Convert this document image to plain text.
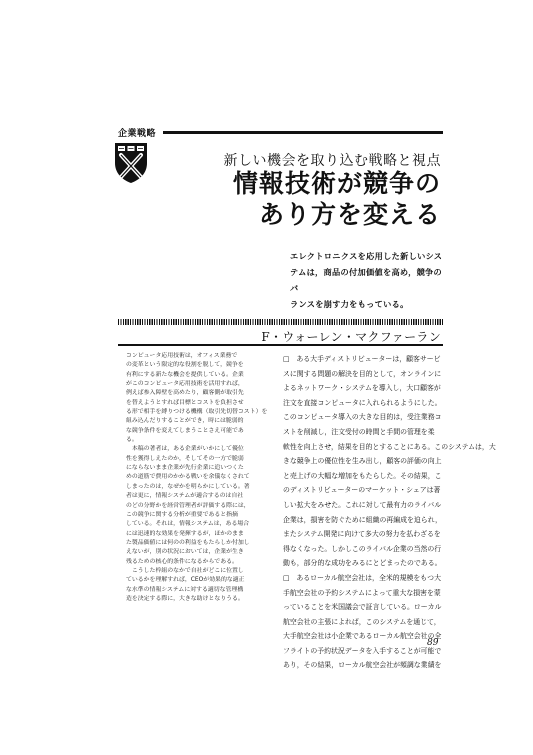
企業戦略
新しい機会を取り込む戦略と視点
情報技術が競争の
あり方を変える
エレクトロニクスを応用した新しいシス
テムは，商品の付加価値を高め，競争のバ
ランスを崩す力をもっている。
F・ウォーレン・マクファーラン
コンピュータ応用技術は，オフィス業務で
の変革という限定的な役割を脱して，競争を
有利にする新たな機会を提供している。企業
がこのコンピュータ応用技術を活用すれば，
例えば参入障壁を高めたり，顧客側が取引先
を替えようとすれば目標とコストを負担させ
る形で相手を縛りつける機構（取引先切替コスト）を
組み込んだりすることができ，時には脆弱的
な競争条件を変えてしまうことさえ可能であ
る。
　本稿の著者は，ある企業がいかにして優位
性を獲得しえたのか，そしてその一方で脆弱
にならないまま企業が先行企業に追いつくた
めの道筋で費用のかかる戦いを余儀なくされて
しまったのは，なぜかを明らかにしている。著
者は更に，情報システムが適合するのは自社
のどの分野かを経営管理者が評価する際には，
この競争に関する分析が重要であると指摘
している。それは，情報システムは，ある場合
には迅速的な効果を発揮するが，ほかのまま
た製品価値には何のの利益をもたらしか付加し
えないが，別の状況においては，企業が生き
残るための核心的条件になるからである。
　こうした枠組のなかで自社がどこに位置し
ているかを理解すれば，CEOが効果的な適正
な水準の情報システムに対する適切な管理構
造を決定する際に，大きな助けとなりうる。
□　ある大手ディストリビューターは，顧客サービ
スに関する問題の解決を目的として，オンラインに
よるネットワーク・システムを導入し，大口顧客が
注文を直接コンピュータに入れられるようにした。
このコンピュータ導入の大きな目的は，受注業務コ
ストを削減し，注文受付の時間と手間の管理を柔
軟性を向上させ，結果を目的とすることにある。このシステムは，大
きな競争上の優位性を生み出し，顧客の評価の向上
と売上げの大幅な増加をもたらした。その結果，こ
のディストリビューターのマーケット・シェアは著
しい拡大をみせた。これに対して最有力のライバル
企業は，損害を防ぐために組織の再編成を迫られ，
またシステム開発に向けて多大の努力を払わざるを
得なくなった。しかしこのライバル企業の当然の行
動も，部分的な成功をみるにとどまったのである。
□　あるローカル航空会社は，全米的規模をもつ大
手航空会社の予約システムによって重大な損害を蒙
っていることを米国議会で証言している。ローカル
航空会社の主張によれば，このシステムを通じて，
大手航空会社は小企業であるローカル航空会社の全
フライトの予約状況データを入手することが可能で
あり，その結果，ローカル航空会社が頻調な業績を
89
